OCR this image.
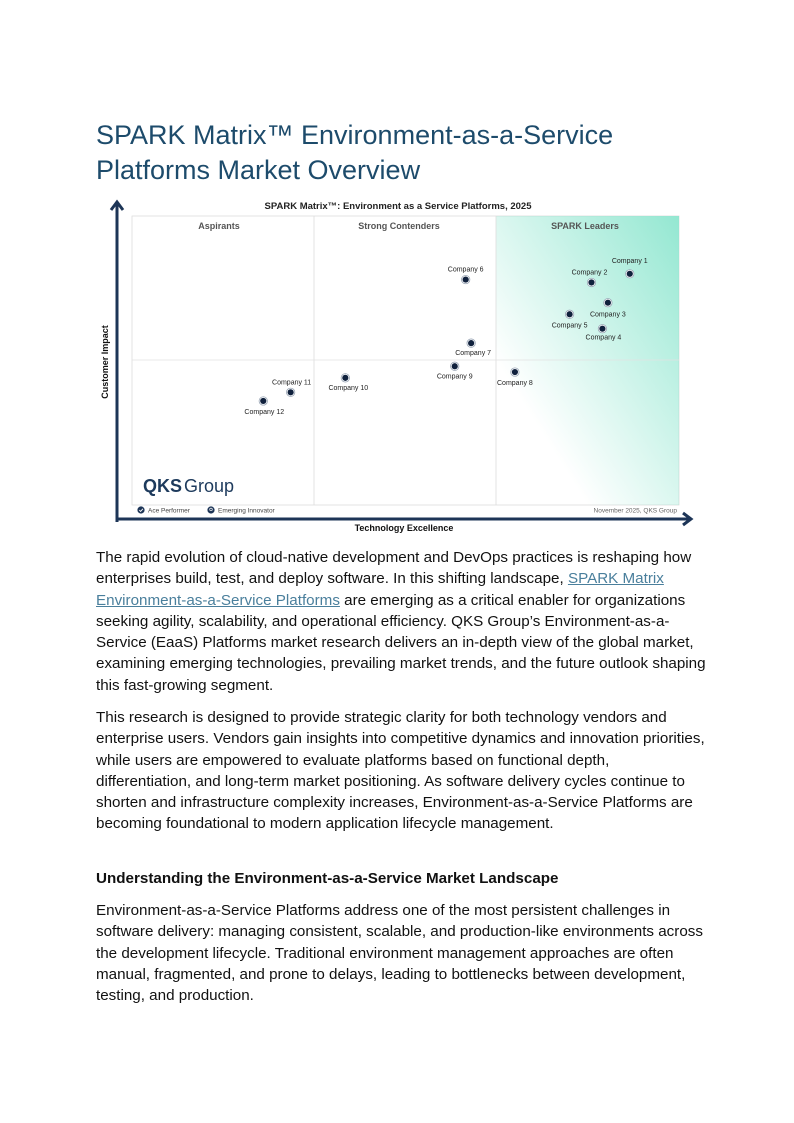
SPARK Matrix™ Environment-as-a-Service Platforms Market Overview
SPARK Matrix™: Environment as a Service Platforms, 2025
Aspirants	Strong Contenders	SPARK Leaders
Customer Impact
Technology Excellence
QKS Group
Ace Performer	Emerging Innovator	November 2025, QKS Group
Company 1
Company 2
Company 3
Company 4
Company 5
Company 6
Company 7
Company 8
Company 9
Company 10
Company 11
Company 12

The rapid evolution of cloud-native development and DevOps practices is reshaping how enterprises build, test, and deploy software. In this shifting landscape, SPARK Matrix Environment-as-a-Service Platforms are emerging as a critical enabler for organizations seeking agility, scalability, and operational efficiency. QKS Group’s Environment-as-a-Service (EaaS) Platforms market research delivers an in-depth view of the global market, examining emerging technologies, prevailing market trends, and the future outlook shaping this fast-growing segment.

This research is designed to provide strategic clarity for both technology vendors and enterprise users. Vendors gain insights into competitive dynamics and innovation priorities, while users are empowered to evaluate platforms based on functional depth, differentiation, and long-term market positioning. As software delivery cycles continue to shorten and infrastructure complexity increases, Environment-as-a-Service Platforms are becoming foundational to modern application lifecycle management.

Understanding the Environment-as-a-Service Market Landscape

Environment-as-a-Service Platforms address one of the most persistent challenges in software delivery: managing consistent, scalable, and production-like environments across the development lifecycle. Traditional environment management approaches are often manual, fragmented, and prone to delays, leading to bottlenecks between development, testing, and production.
